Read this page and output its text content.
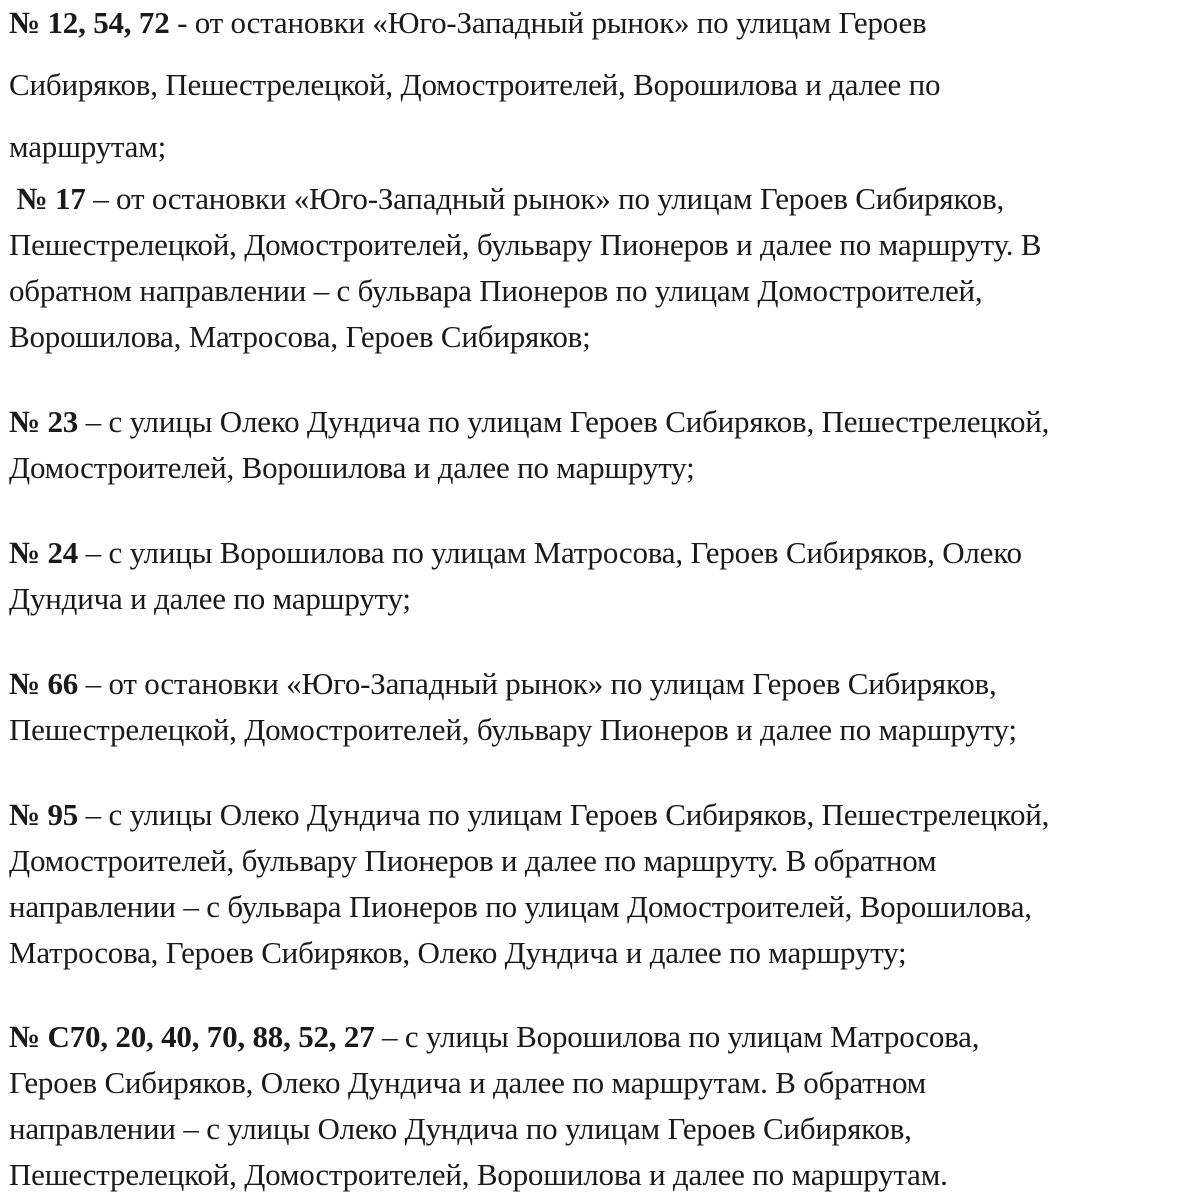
№ 12, 54, 72 - от остановки «Юго-Западный рынок» по улицам Героев
Сибиряков, Пешестрелецкой, Домостроителей, Ворошилова и далее по
маршрутам;
№ 17 – от остановки «Юго-Западный рынок» по улицам Героев Сибиряков,
Пешестрелецкой, Домостроителей, бульвару Пионеров и далее по маршруту. В
обратном направлении – с бульвара Пионеров по улицам Домостроителей,
Ворошилова, Матросова, Героев Сибиряков;
№ 23 – с улицы Олеко Дундича по улицам Героев Сибиряков, Пешестрелецкой,
Домостроителей, Ворошилова и далее по маршруту;
№ 24 – с улицы Ворошилова по улицам Матросова, Героев Сибиряков, Олеко
Дундича и далее по маршруту;
№ 66 – от остановки «Юго-Западный рынок» по улицам Героев Сибиряков,
Пешестрелецкой, Домостроителей, бульвару Пионеров и далее по маршруту;
№ 95 – с улицы Олеко Дундича по улицам Героев Сибиряков, Пешестрелецкой,
Домостроителей, бульвару Пионеров и далее по маршруту. В обратном
направлении – с бульвара Пионеров по улицам Домостроителей, Ворошилова,
Матросова, Героев Сибиряков, Олеко Дундича и далее по маршруту;
№ С70, 20, 40, 70, 88, 52, 27 – с улицы Ворошилова по улицам Матросова,
Героев Сибиряков, Олеко Дундича и далее по маршрутам. В обратном
направлении – с улицы Олеко Дундича по улицам Героев Сибиряков,
Пешестрелецкой, Домостроителей, Ворошилова и далее по маршрутам.
